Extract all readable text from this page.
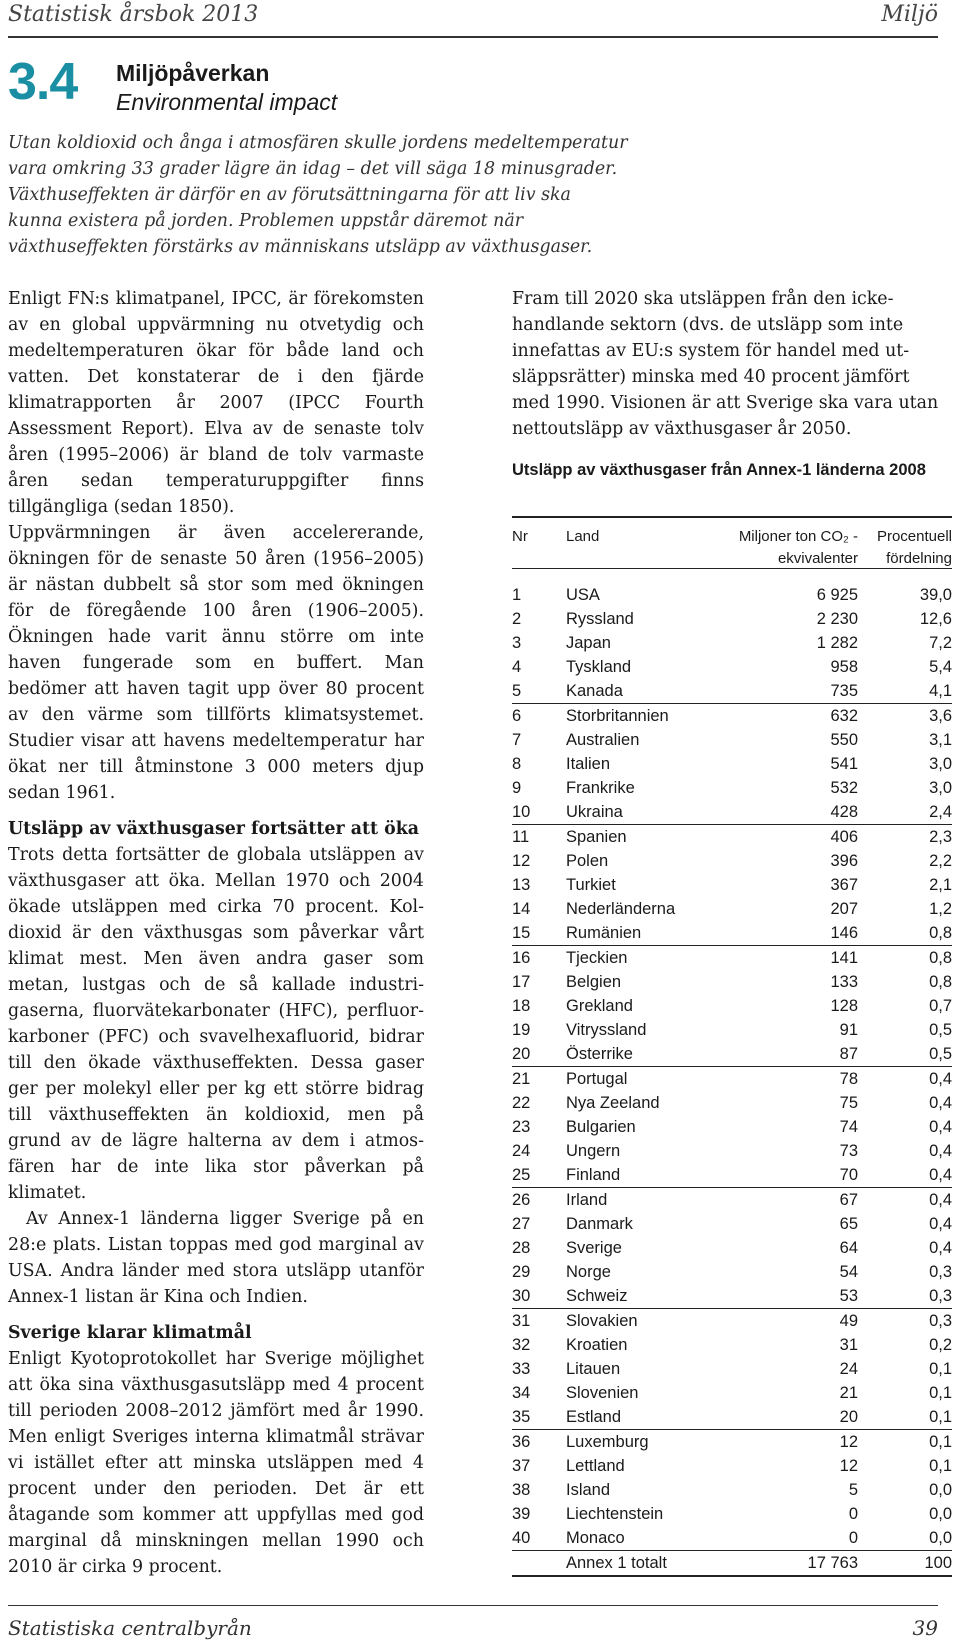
Statistisk årsbok 2013	Miljö
3.4 Miljöpåverkan
Environmental impact
Utan koldioxid och ånga i atmosfären skulle jordens medeltemperatur vara omkring 33 grader lägre än idag – det vill säga 18 minusgrader. Växthuseffekten är därför en av förutsättningarna för att liv ska kunna existera på jorden. Problemen uppstår däremot när växthuseffekten förstärks av människans utsläpp av växthusgaser.

Enligt FN:s klimatpanel, IPCC, är förekomsten av en global uppvärmning nu otvetydig och medeltemperaturen ökar för både land och vatten. Det konstaterar de i den fjärde klimatrapporten år 2007 (IPCC Fourth Assessment Report). Elva av de senaste tolv åren (1995–2006) är bland de tolv varmaste åren sedan temperaturuppgifter finns tillgängliga (sedan 1850).

Uppvärmningen är även accelererande, ökningen för de senaste 50 åren (1956–2005) är nästan dubbelt så stor som med ökningen för de föregående 100 åren (1906–2005). Ökningen hade varit ännu större om inte haven fungerade som en buffert. Man bedömer att haven tagit upp över 80 procent av den värme som tillförts klimatsystemet. Studier visar att havens medeltemperatur har ökat ner till åtminstone 3 000 meters djup sedan 1961.

Utsläpp av växthusgaser fortsätter att öka

Trots detta fortsätter de globala utsläppen av växthusgaser att öka. Mellan 1970 och 2004 ökade utsläppen med cirka 70 procent. Koldioxid är den växthusgas som påverkar vårt klimat mest. Men även andra gaser som metan, lustgas och de så kallade industrigaserna, fluorvätekarbonater (HFC), perfluorkarboner (PFC) och svavelhexafluorid, bidrar till den ökade växthuseffekten. Dessa gaser ger per molekyl eller per kg ett större bidrag till växthuseffekten än koldioxid, men på grund av de lägre halterna av dem i atmosfären har de inte lika stor påverkan på klimatet.

Av Annex-1 länderna ligger Sverige på en 28:e plats. Listan toppas med god marginal av USA. Andra länder med stora utsläpp utanför Annex-1 listan är Kina och Indien.

Sverige klarar klimatmål

Enligt Kyotoprotokollet har Sverige möjlighet att öka sina växthusgasutsläpp med 4 procent till perioden 2008–2012 jämfört med år 1990. Men enligt Sveriges interna klimatmål strävar vi istället efter att minska utsläppen med 4 procent under den perioden. Det är ett åtagande som kommer att uppfyllas med god marginal då minskningen mellan 1990 och 2010 är cirka 9 procent.

Fram till 2020 ska utsläppen från den ickehandlande sektorn (dvs. de utsläpp som inte innefattas av EU:s system för handel med utsläppsrätter) minska med 40 procent jämfört med 1990. Visionen är att Sverige ska vara utan nettoutsläpp av växthusgaser år 2050.

Utsläpp av växthusgaser från Annex-1 länderna 2008
Nr	Land	Miljoner ton CO₂ -ekvivalenter
Procentuell fördelning
1	USA	6 925	39,0
2	Ryssland	2 230	12,6
3	Japan	1 282	7,2
4	Tyskland	958	5,4
5	Kanada	735	4,1
6	Storbritannien	632	3,6
7	Australien	550	3,1
8	Italien	541	3,0
9	Frankrike	532	3,0
10 Ukraina	428	2,4
11 Spanien	406	2,3
12 Polen	396	2,2
13 Turkiet	367	2,1
14 Nederländerna	207	1,2
15 Rumänien	146	0,8
16 Tjeckien	141	0,8
17 Belgien	133	0,8
18 Grekland	128	0,7
19 Vitryssland	91	0,5
20 Österrike	87	0,5
21 Portugal	78	0,4
22 Nya Zeeland	75	0,4
23 Bulgarien	74	0,4
24 Ungern	73	0,4
25 Finland	70	0,4
26 Irland	67	0,4
27 Danmark	65	0,4
28 Sverige	64	0,4
29 Norge	54	0,3
30 Schweiz	53	0,3
31 Slovakien	49	0,3
32 Kroatien	31	0,2
33 Litauen	24	0,1
34 Slovenien	21	0,1
35 Estland	20	0,1
36 Luxemburg	12	0,1
37 Lettland	12	0,1
38 Island	5	0,0
39 Liechtenstein	0	0,0
40 Monaco	0	0,0
Annex 1 totalt	17 763	100
Statistiska centralbyrån	39
